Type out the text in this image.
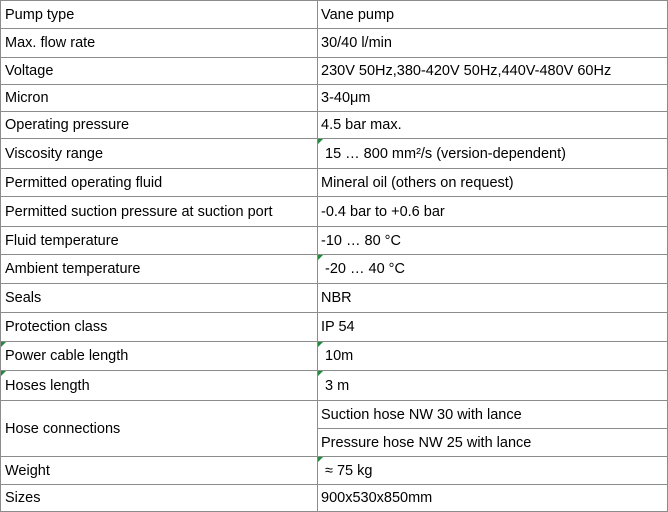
Pump type	Vane pump
Max. flow rate	30/40 l/min
Voltage	230V 50Hz,380-420V 50Hz,440V-480V 60Hz
Micron	3-40μm
Operating pressure	4.5 bar max.
Viscosity range	15 … 800 mm²/s (version-dependent)
Permitted operating fluid	Mineral oil (others on request)
Permitted suction pressure at suction port	-0.4 bar to +0.6 bar
Fluid temperature	-10 … 80 °C
Ambient temperature	-20 … 40 °C
Seals	NBR
Protection class	IP 54
Power cable length	10m
Hoses length	3 m
Hose connections	Suction hose NW 30 with lance
	Pressure hose NW 25 with lance
Weight	≈ 75 kg
Sizes	900x530x850mm
